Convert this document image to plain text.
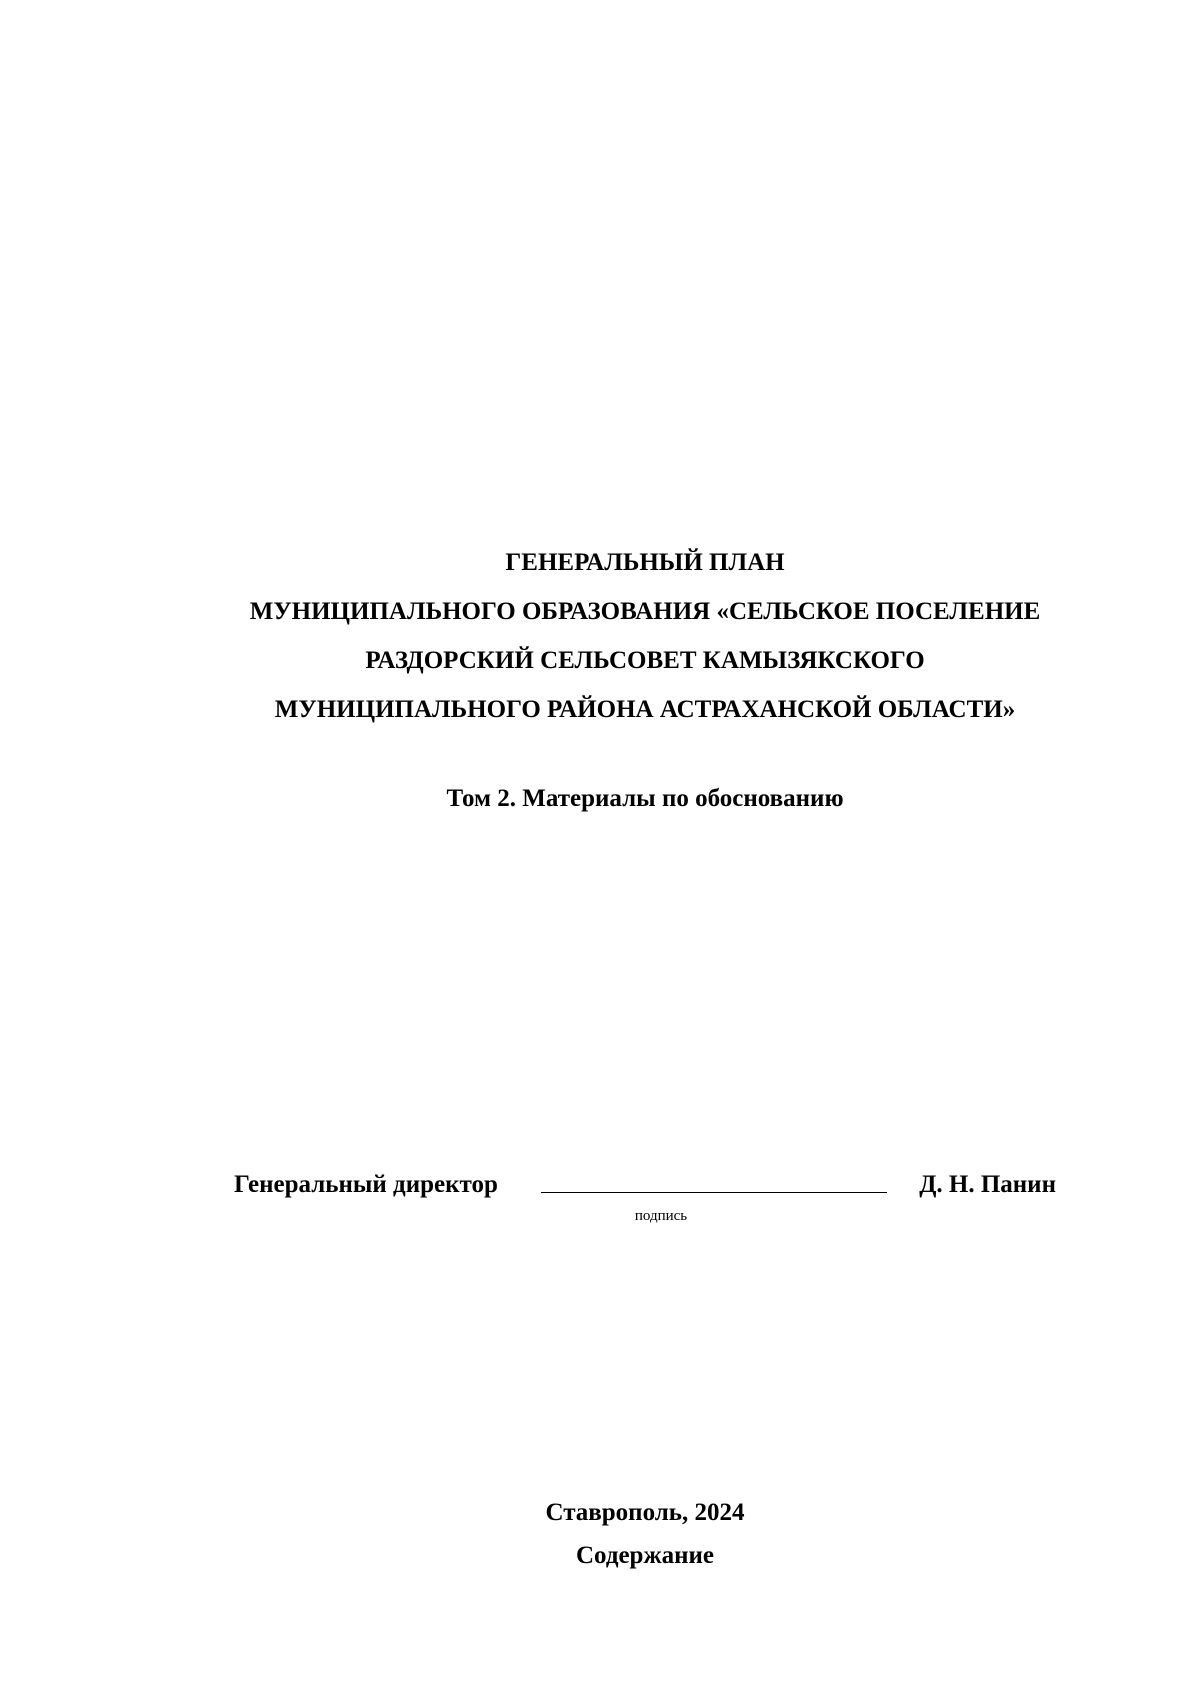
ГЕНЕРАЛЬНЫЙ ПЛАН
МУНИЦИПАЛЬНОГО ОБРАЗОВАНИЯ «СЕЛЬСКОЕ ПОСЕЛЕНИЕ
РАЗДОРСКИЙ СЕЛЬСОВЕТ КАМЫЗЯКСКОГО
МУНИЦИПАЛЬНОГО РАЙОНА АСТРАХАНСКОЙ ОБЛАСТИ»
Том 2. Материалы по обоснованию
Генеральный директор	Д. Н. Панин
подпись
Ставрополь, 2024
Содержание
